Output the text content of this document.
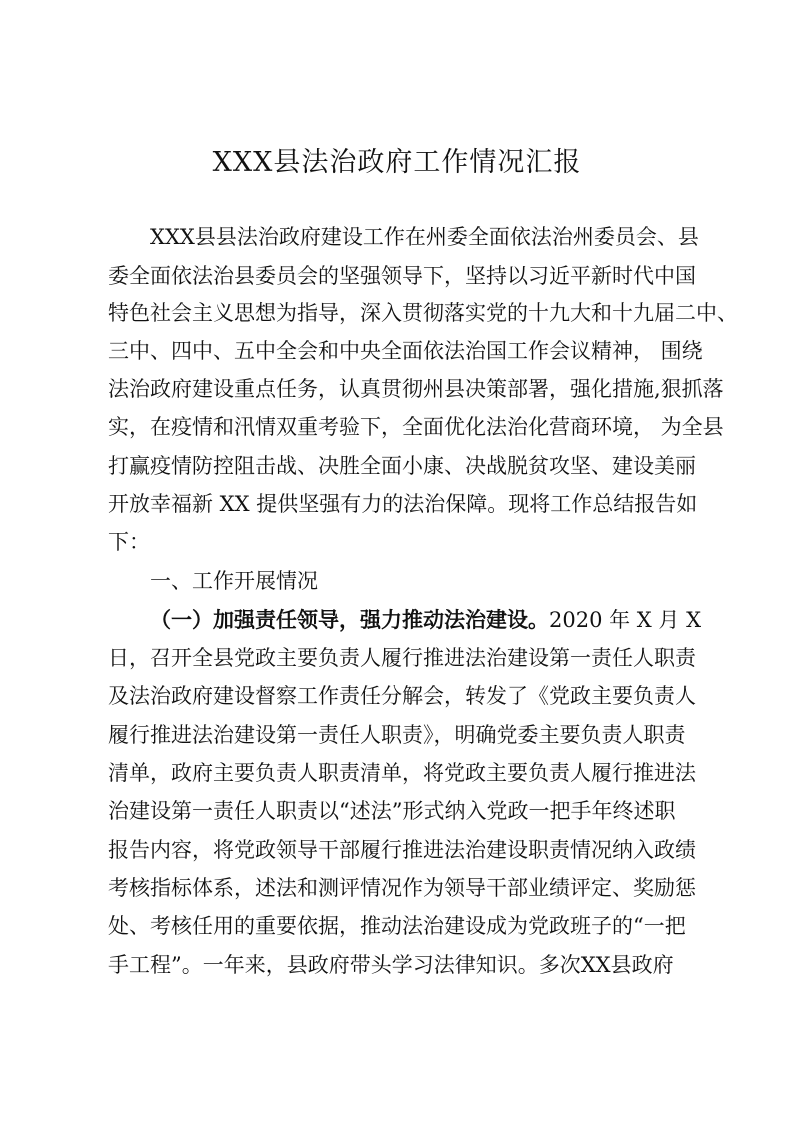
XXX县法治政府工作情况汇报
XXX县县法治政府建设工作在州委全面依法治州委员会、县
委全面依法治县委员会的坚强领导下，坚持以习近平新时代中国
特色社会主义思想为指导，深入贯彻落实党的十九大和十九届二中、
三中、四中、五中全会和中央全面依法治国工作会议精神， 围绕
法治政府建设重点任务，认真贯彻州县决策部署，强化措施,狠抓落
实，在疫情和汛情双重考验下，全面优化法治化营商环境， 为全县
打赢疫情防控阻击战、决胜全面小康、决战脱贫攻坚、建设美丽
开放幸福新 XX 提供坚强有力的法治保障。现将工作总结报告如
下：
一、工作开展情况
（一）加强责任领导，强力推动法治建设。2020 年 X 月 X
日，召开全县党政主要负责人履行推进法治建设第一责任人职责
及法治政府建设督察工作责任分解会，转发了《党政主要负责人
履行推进法治建设第一责任人职责》，明确党委主要负责人职责
清单，政府主要负责人职责清单，将党政主要负责人履行推进法
治建设第一责任人职责以“述法”形式纳入党政一把手年终述职
报告内容，将党政领导干部履行推进法治建设职责情况纳入政绩
考核指标体系，述法和测评情况作为领导干部业绩评定、奖励惩
处、考核任用的重要依据，推动法治建设成为党政班子的“一把
手工程”。一年来，县政府带头学习法律知识。多次XX县政府
